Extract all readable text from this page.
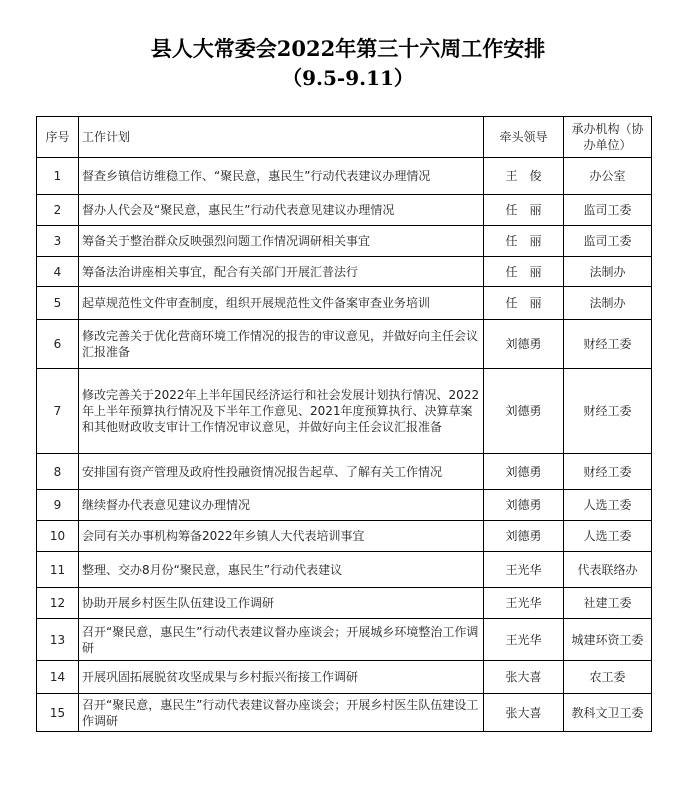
县人大常委会2022年第三十六周工作安排
（9.5-9.11）
序号	工作计划	牵头领导	承办机构（协办单位）
1	督查乡镇信访维稳工作、“聚民意，惠民生”行动代表建议办理情况	王　俊	办公室
2	督办人代会及“聚民意，惠民生”行动代表意见建议办理情况	任　丽	监司工委
3	筹备关于整治群众反映强烈问题工作情况调研相关事宜	任　丽	监司工委
4	筹备法治讲座相关事宜，配合有关部门开展汇普法行	任　丽	法制办
5	起草规范性文件审查制度，组织开展规范性文件备案审查业务培训	任　丽	法制办
6	修改完善关于优化营商环境工作情况的报告的审议意见，并做好向主任会议汇报准备	刘德勇	财经工委
7	修改完善关于2022年上半年国民经济运行和社会发展计划执行情况、2022年上半年预算执行情况及下半年工作意见、2021年度预算执行、决算草案和其他财政收支审计工作情况审议意见，并做好向主任会议汇报准备	刘德勇	财经工委
8	安排国有资产管理及政府性投融资情况报告起草、了解有关工作情况	刘德勇	财经工委
9	继续督办代表意见建议办理情况	刘德勇	人选工委
10	会同有关办事机构筹备2022年乡镇人大代表培训事宜	刘德勇	人选工委
11	整理、交办8月份“聚民意，惠民生”行动代表建议	王光华	代表联络办
12	协助开展乡村医生队伍建设工作调研	王光华	社建工委
13	召开“聚民意，惠民生”行动代表建议督办座谈会；开展城乡环境整治工作调研	王光华	城建环资工委
14	开展巩固拓展脱贫攻坚成果与乡村振兴衔接工作调研	张大喜	农工委
15	召开“聚民意，惠民生”行动代表建议督办座谈会；开展乡村医生队伍建设工作调研	张大喜	教科文卫工委
